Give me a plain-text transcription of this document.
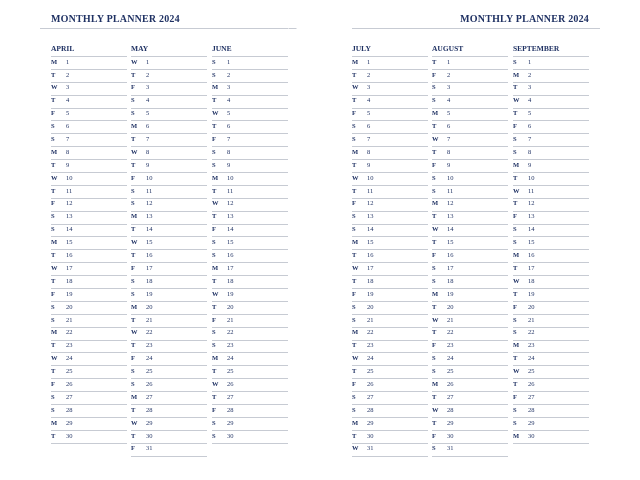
MONTHLY PLANNER 2024
APRIL
M	1
T	2
W	3
T	4
F	5
S	6
S	7
M	8
T	9
W	10
T	11
F	12
S	13
S	14
M	15
T	16
W	17
T	18
F	19
S	20
S	21
M	22
T	23
W	24
T	25
F	26
S	27
S	28
M	29
T	30
MAY
W	1
T	2
F	3
S	4
S	5
M	6
T	7
W	8
T	9
F	10
S	11
S	12
M	13
T	14
W	15
T	16
F	17
S	18
S	19
M	20
T	21
W	22
T	23
F	24
S	25
S	26
M	27
T	28
W	29
T	30
F	31
JUNE
S	1
S	2
M	3
T	4
W	5
T	6
F	7
S	8
S	9
M	10
T	11
W	12
T	13
F	14
S	15
S	16
M	17
T	18
W	19
T	20
F	21
S	22
S	23
M	24
T	25
W	26
T	27
F	28
S	29
S	30
MONTHLY PLANNER 2024
JULY
M	1
T	2
W	3
T	4
F	5
S	6
S	7
M	8
T	9
W	10
T	11
F	12
S	13
S	14
M	15
T	16
W	17
T	18
F	19
S	20
S	21
M	22
T	23
W	24
T	25
F	26
S	27
S	28
M	29
T	30
W	31
AUGUST
T	1
F	2
S	3
S	4
M	5
T	6
W	7
T	8
F	9
S	10
S	11
M	12
T	13
W	14
T	15
F	16
S	17
S	18
M	19
T	20
W	21
T	22
F	23
S	24
S	25
M	26
T	27
W	28
T	29
F	30
S	31
SEPTEMBER
S	1
M	2
T	3
W	4
T	5
F	6
S	7
S	8
M	9
T	10
W	11
T	12
F	13
S	14
S	15
M	16
T	17
W	18
T	19
F	20
S	21
S	22
M	23
T	24
W	25
T	26
F	27
S	28
S	29
M	30
